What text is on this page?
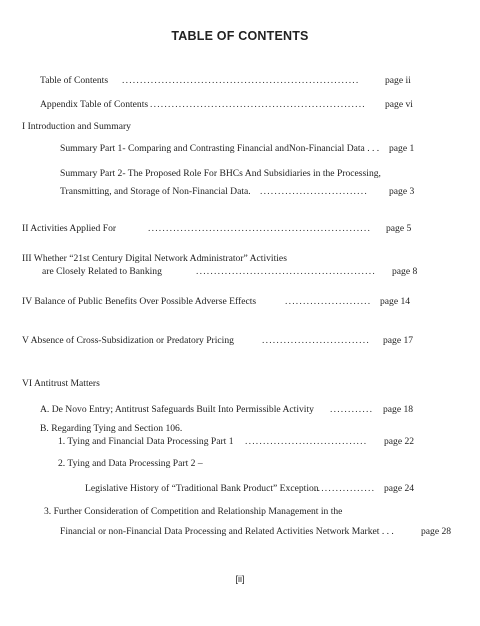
TABLE OF CONTENTS
Table of Contents ..................................................................	page ii
Appendix Table of Contents ............................................................	page vi
I Introduction and Summary
Summary Part 1- Comparing and Contrasting Financial andNon-Financial Data . . . page 1
Summary Part 2- The Proposed Role For BHCs And Subsidiaries in the Processing,
Transmitting, and Storage of Non-Financial Data. ..............................	page 3
II Activities Applied For	..............................................................	page 5
III Whether “21st Century Digital Network Administrator” Activities
are Closely Related to Banking	..................................................	page 8
IV Balance of Public Benefits Over Possible Adverse Effects	........................ page 14
V Absence of Cross-Subsidization or Predatory Pricing	..............................	page 17
VI Antitrust Matters
A. De Novo Entry; Antitrust Safeguards Built Into Permissible Activity ............	page 18
B. Regarding Tying and Section 106.
1. Tying and Financial Data Processing Part 1 ..................................	page 22
2. Tying and Data Processing Part 2 –
Legislative History of “Traditional Bank Product” Exception
................. page 24
3. Further Consideration of Competition and Relationship Management in the
Financial or non-Financial Data Processing and Related Activities Network Market . . .	page 28
[ii]
